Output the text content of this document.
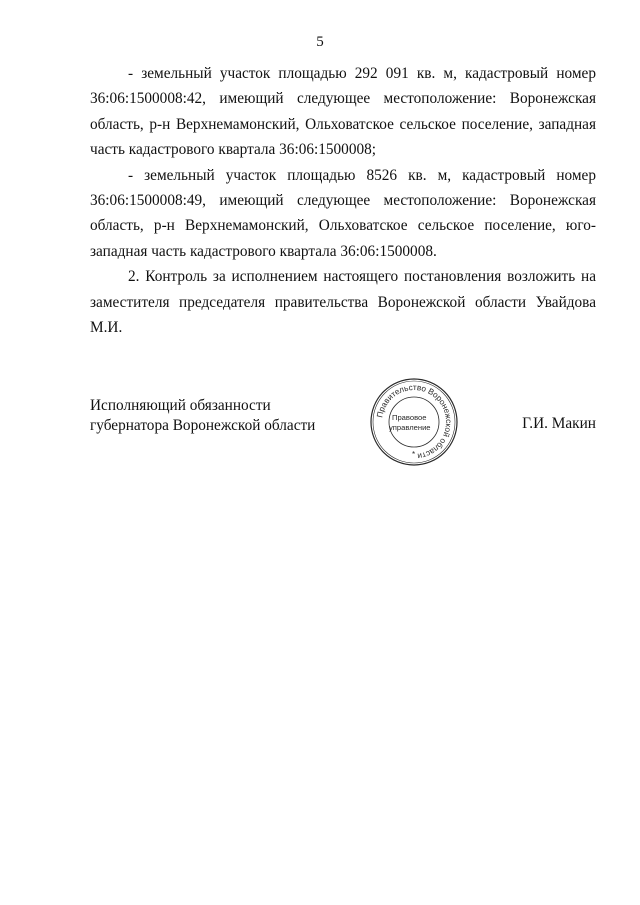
5

- земельный участок площадью 292 091 кв. м, кадастровый номер 36:06:1500008:42, имеющий следующее местоположение: Воронежская область, р-н Верхнемамонский, Ольховатское сельское поселение, западная часть кадастрового квартала 36:06:1500008;

- земельный участок площадью 8526 кв. м, кадастровый номер 36:06:1500008:49, имеющий следующее местоположение: Воронежская область, р-н Верхнемамонский, Ольховатское сельское поселение, юго-западная часть кадастрового квартала 36:06:1500008.

2. Контроль за исполнением настоящего постановления возложить на заместителя председателя правительства Воронежской области Увайдова М.И.

Исполняющий обязанности
губернатора Воронежской области
Правительство Воронежской области
Правовое
управление
*
Г.И. Макин
